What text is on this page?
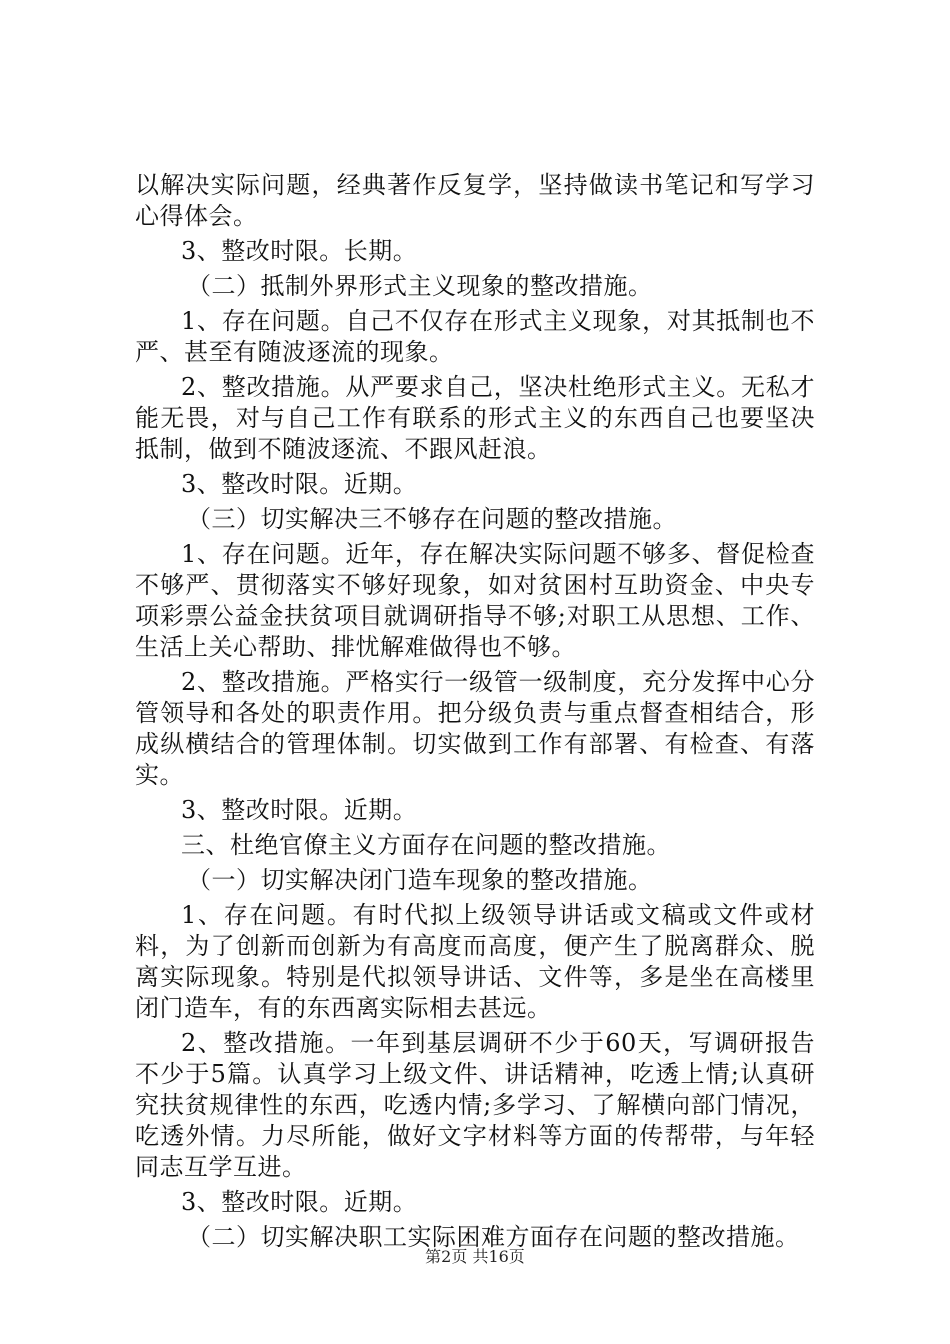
以解决实际问题，经典著作反复学，坚持做读书笔记和写学习心得体会。

3、整改时限。长期。

（二）抵制外界形式主义现象的整改措施。

1、存在问题。自己不仅存在形式主义现象，对其抵制也不严、甚至有随波逐流的现象。

2、整改措施。从严要求自己，坚决杜绝形式主义。无私才能无畏，对与自己工作有联系的形式主义的东西自己也要坚决抵制，做到不随波逐流、不跟风赶浪。

3、整改时限。近期。

（三）切实解决三不够存在问题的整改措施。

1、存在问题。近年，存在解决实际问题不够多、督促检查不够严、贯彻落实不够好现象，如对贫困村互助资金、中央专项彩票公益金扶贫项目就调研指导不够;对职工从思想、工作、生活上关心帮助、排忧解难做得也不够。

2、整改措施。严格实行一级管一级制度，充分发挥中心分管领导和各处的职责作用。把分级负责与重点督查相结合，形成纵横结合的管理体制。切实做到工作有部署、有检查、有落实。

3、整改时限。近期。

三、杜绝官僚主义方面存在问题的整改措施。

（一）切实解决闭门造车现象的整改措施。

1、存在问题。有时代拟上级领导讲话或文稿或文件或材料，为了创新而创新为有高度而高度，便产生了脱离群众、脱离实际现象。特别是代拟领导讲话、文件等，多是坐在高楼里闭门造车，有的东西离实际相去甚远。

2、整改措施。一年到基层调研不少于60天，写调研报告不少于5篇。认真学习上级文件、讲话精神，吃透上情;认真研究扶贫规律性的东西，吃透内情;多学习、了解横向部门情况，吃透外情。力尽所能，做好文字材料等方面的传帮带，与年轻同志互学互进。

3、整改时限。近期。

（二）切实解决职工实际困难方面存在问题的整改措施。

第2页 共16页
